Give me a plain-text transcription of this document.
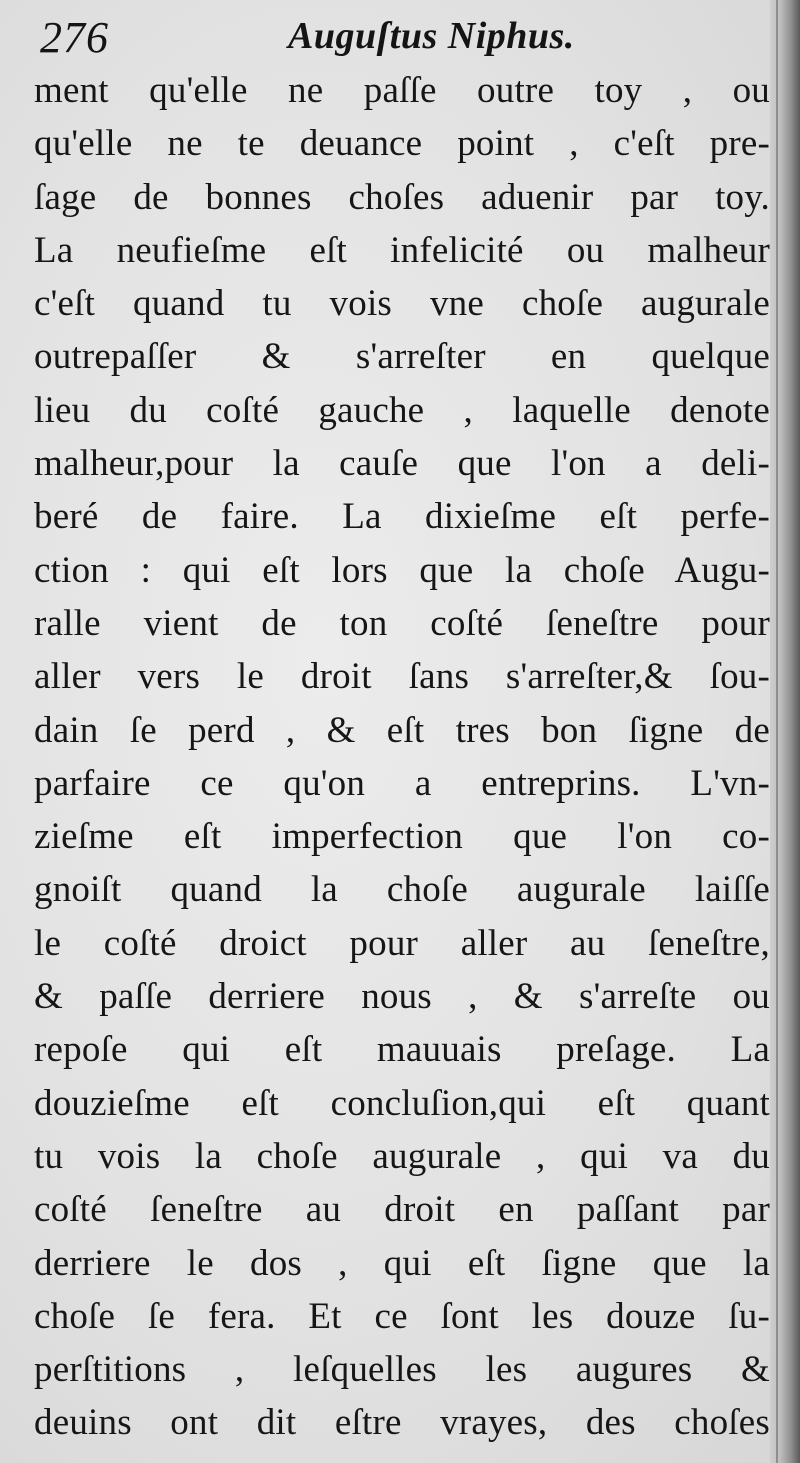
276	Auguſtus Niphus.
ment qu'elle ne paſſe outre toy , ou
qu'elle ne te deuance point , c'eſt pre-
ſage de bonnes choſes aduenir par toy.
La neufieſme eſt infelicité ou malheur
c'eſt quand tu vois vne choſe augurale
outrepaſſer & s'arreſter en quelque
lieu du coſté gauche , laquelle denote
malheur,pour la cauſe que l'on a deli-
beré de faire. La dixieſme eſt perfe-
ction : qui eſt lors que la choſe Augu-
ralle vient de ton coſté ſeneſtre pour
aller vers le droit ſans s'arreſter,& ſou-
dain ſe perd , & eſt tres bon ſigne de
parfaire ce qu'on a entreprins. L'vn-
zieſme eſt imperfection que l'on co-
gnoiſt quand la choſe augurale laiſſe
le coſté droict pour aller au ſeneſtre,
& paſſe derriere nous , & s'arreſte ou
repoſe qui eſt mauuais preſage. La
douzieſme eſt concluſion,qui eſt quant
tu vois la choſe augurale , qui va du
coſté ſeneſtre au droit en paſſant par
derriere le dos , qui eſt ſigne que la
choſe ſe fera. Et ce ſont les douze ſu-
perſtitions , leſquelles les augures &
deuins ont dit eſtre vrayes, des choſes
